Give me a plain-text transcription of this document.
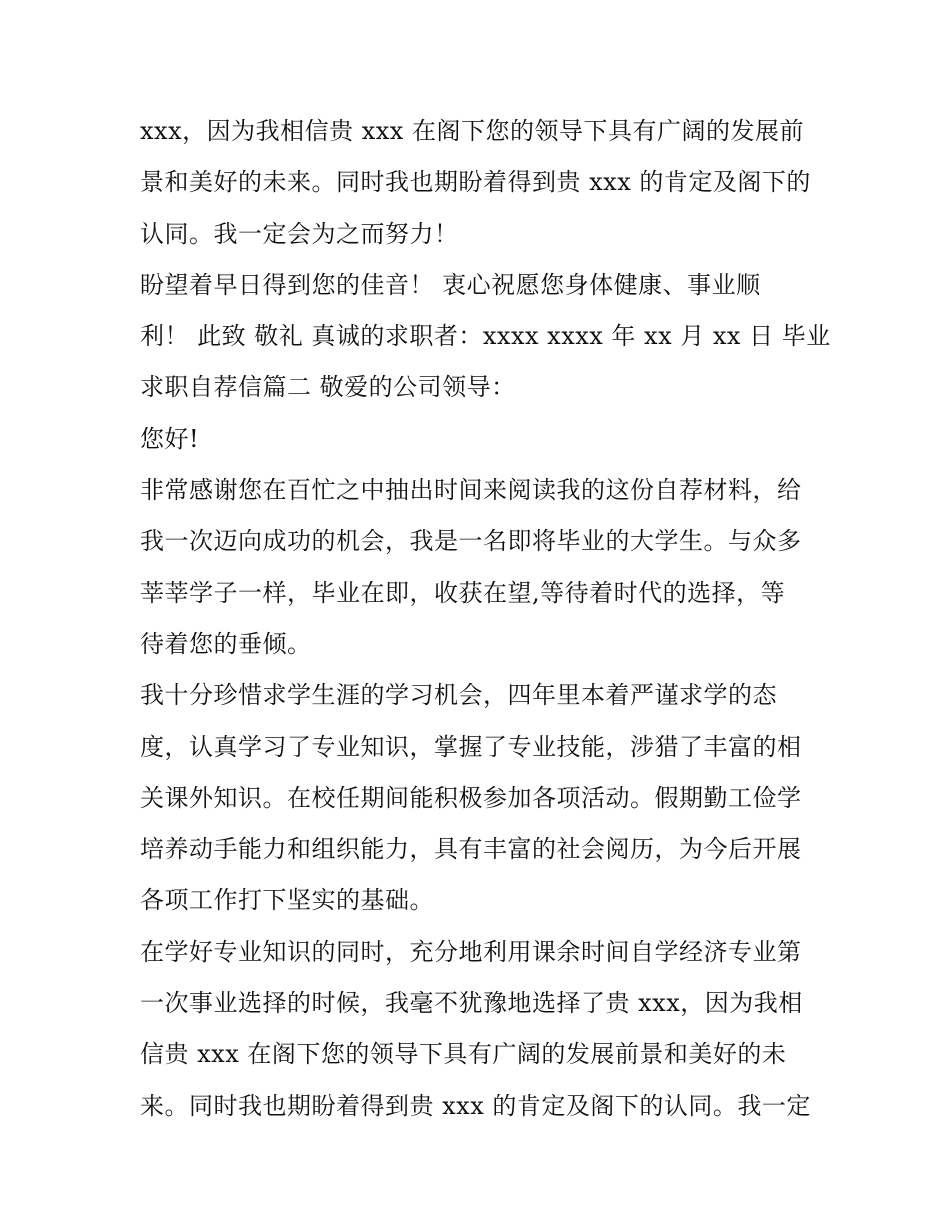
xxx，因为我相信贵 xxx 在阁下您的领导下具有广阔的发展前
景和美好的未来。同时我也期盼着得到贵 xxx 的肯定及阁下的
认同。我一定会为之而努力！
盼望着早日得到您的佳音！ 衷心祝愿您身体健康、事业顺
利！ 此致 敬礼 真诚的求职者：xxxx xxxx 年 xx 月 xx 日 毕业
求职自荐信篇二 敬爱的公司领导：
您好!
非常感谢您在百忙之中抽出时间来阅读我的这份自荐材料，给
我一次迈向成功的机会，我是一名即将毕业的大学生。与众多
莘莘学子一样，毕业在即，收获在望,等待着时代的选择，等
待着您的垂倾。
我十分珍惜求学生涯的学习机会，四年里本着严谨求学的态
度，认真学习了专业知识，掌握了专业技能，涉猎了丰富的相
关课外知识。在校任期间能积极参加各项活动。假期勤工俭学
培养动手能力和组织能力，具有丰富的社会阅历，为今后开展
各项工作打下坚实的基础。
在学好专业知识的同时，充分地利用课余时间自学经济专业第
一次事业选择的时候，我毫不犹豫地选择了贵 xxx，因为我相
信贵 xxx 在阁下您的领导下具有广阔的发展前景和美好的未
来。同时我也期盼着得到贵 xxx 的肯定及阁下的认同。我一定
